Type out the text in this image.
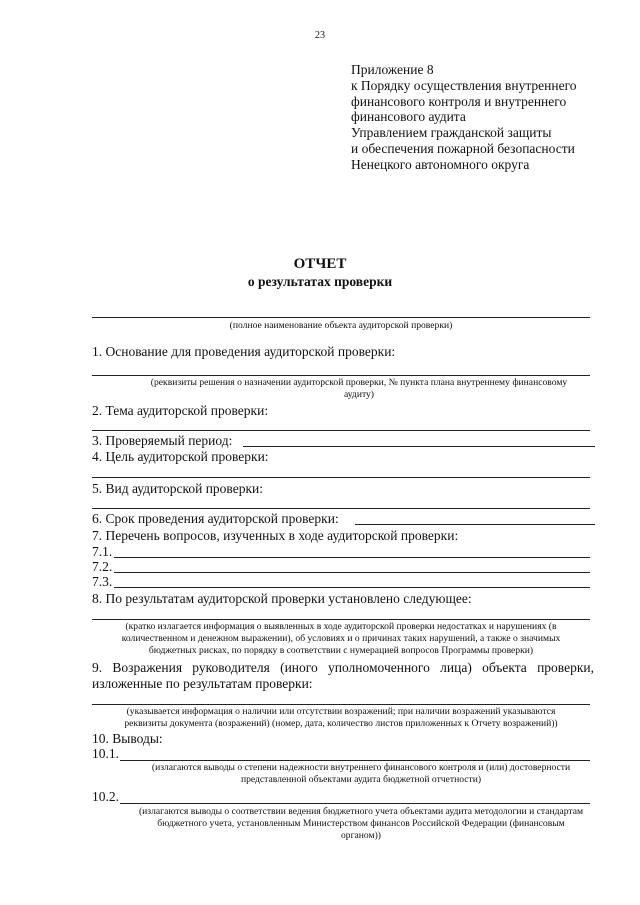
23
Приложение 8
к Порядку осуществления внутреннего
финансового контроля и внутреннего
финансового аудита
Управлением гражданской защиты
и обеспечения пожарной безопасности
Ненецкого автономного округа
ОТЧЕТ
о результатах проверки
(полное наименование объекта аудиторской проверки)
1. Основание для проведения аудиторской проверки:
(реквизиты решения о назначении аудиторской проверки, № пункта плана внутреннему финансовому
аудиту)
2. Тема аудиторской проверки:
3. Проверяемый период:
4. Цель аудиторской проверки:
5. Вид аудиторской проверки:
6. Срок проведения аудиторской проверки:
7. Перечень вопросов, изученных в ходе аудиторской проверки:
7.1.
7.2.
7.3.
8. По результатам аудиторской проверки установлено следующее:
(кратко излагается информация о выявленных в ходе аудиторской проверки недостатках и нарушениях (в
количественном и денежном выражении), об условиях и о причинах таких нарушений, а также о значимых
бюджетных рисках, по порядку в соответствии с нумерацией вопросов Программы проверки)
9. Возражения руководителя (иного уполномоченного лица) объекта проверки,
изложенные по результатам проверки:
(указывается информация о наличии или отсутствии возражений; при наличии возражений указываются
реквизиты документа (возражений) (номер, дата, количество листов приложенных к Отчету возражений))
10. Выводы:
10.1.
(излагаются выводы о степени надежности внутреннего финансового контроля и (или) достоверности
представленной объектами аудита бюджетной отчетности)
10.2.
(излагаются выводы о соответствии ведения бюджетного учета объектами аудита методологии и стандартам
бюджетного учета, установленным Министерством финансов Российской Федерации (финансовым
органом))
